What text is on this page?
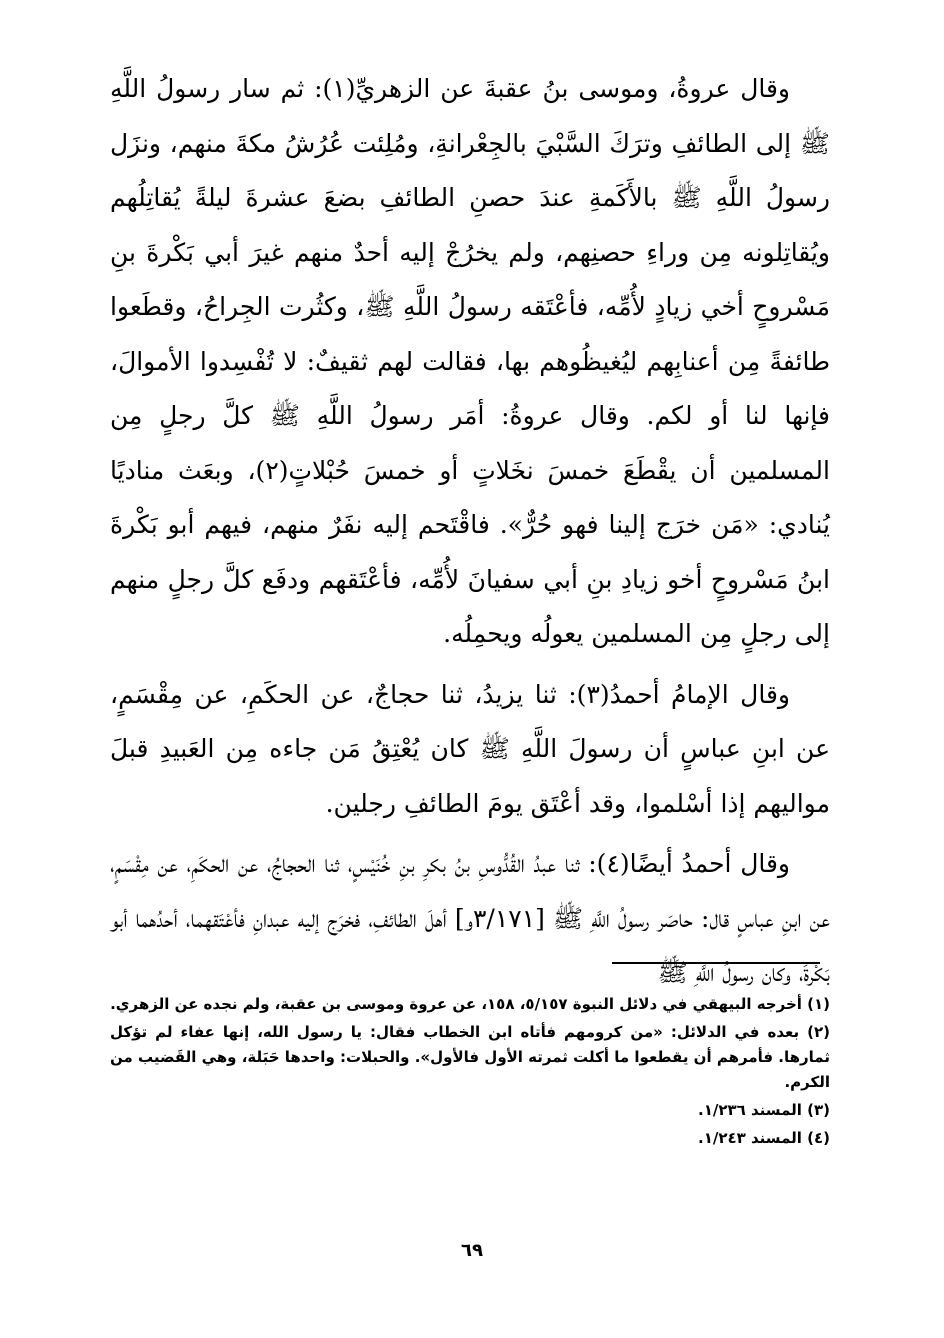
وقال عروةُ، وموسى بنُ عقبةَ عن الزهريِّ(١): ثم سار رسولُ اللَّهِ ﷺ إلى الطائفِ وترَكَ السَّبْيَ بالجِعْرانةِ، ومُلِئت عُرُشُ مكةَ منهم، ونزَل رسولُ اللَّهِ ﷺ بالأَكَمةِ عندَ حصنِ الطائفِ بضعَ عشرةَ ليلةً يُقاتِلُهم ويُقاتِلونه مِن وراءِ حصنِهم، ولم يخرُجْ إليه أحدٌ منهم غيرَ أبي بَكْرةَ بنِ مَسْروحٍ أخي زيادٍ لأُمِّه، فأعْتَقه رسولُ اللَّهِ ﷺ، وكثُرت الجِراحُ، وقطَعوا طائفةً مِن أعنابِهم ليُغيظُوهم بها، فقالت لهم ثقيفٌ: لا تُفْسِدوا الأموالَ، فإنها لنا أو لكم. وقال عروةُ: أمَر رسولُ اللَّهِ ﷺ كلَّ رجلٍ مِن المسلمين أن يقْطَعَ خمسَ نخَلاتٍ أو خمسَ حُبْلاتٍ(٢)، وبعَث مناديًا يُنادي: «مَن خرَج إلينا فهو حُرٌّ». فاقْتَحم إليه نفَرٌ منهم، فيهم أبو بَكْرةَ ابنُ مَسْروحٍ أخو زيادِ بنِ أبي سفيانَ لأُمِّه، فأعْتَقهم ودفَع كلَّ رجلٍ منهم إلى رجلٍ مِن المسلمين يعولُه ويحمِلُه.

وقال الإمامُ أحمدُ(٣): ثنا يزيدُ، ثنا حجاجٌ، عن الحكَمِ، عن مِقْسَمٍ، عن ابنِ عباسٍ أن رسولَ اللَّهِ ﷺ كان يُعْتِقُ مَن جاءه مِن العَبيدِ قبلَ مواليهم إذا أسْلموا، وقد أعْتَق يومَ الطائفِ رجلين.

وقال أحمدُ أيضًا(٤): ثنا عبدُ القُدُّوسِ بنُ بكرِ بنِ خُنَيْسٍ، ثنا الحجاجُ، عن الحكَمِ، عن مِقْسَمٍ، عن ابنِ عباسٍ قال: حاصَر رسولُ اللَّهِ ﷺ [٣/١٧١و] أهلَ الطائفِ، فخرَج إليه عبدانِ فأعْتَقهما، أحدُهما أبو بَكْرةَ، وكان رسولُ اللَّهِ ﷺ

(١) أخرجه البيهقي في دلائل النبوة ٥/١٥٧، ١٥٨، عن عروة وموسى بن عقبة، ولم نجده عن الزهري.

(٢) بعده في الدلائل: «من كرومهم فأتاه ابن الخطاب فقال: يا رسول الله، إنها عفاء لم تؤكل ثمارها. فأمرهم أن يقطعوا ما أكلت ثمرته الأول فالأول». والحبلات: واحدها حَبَلة، وهي القَضيب من الكرم.

(٣) المسند ١/٢٣٦.

(٤) المسند ١/٢٤٣.

٦٩
